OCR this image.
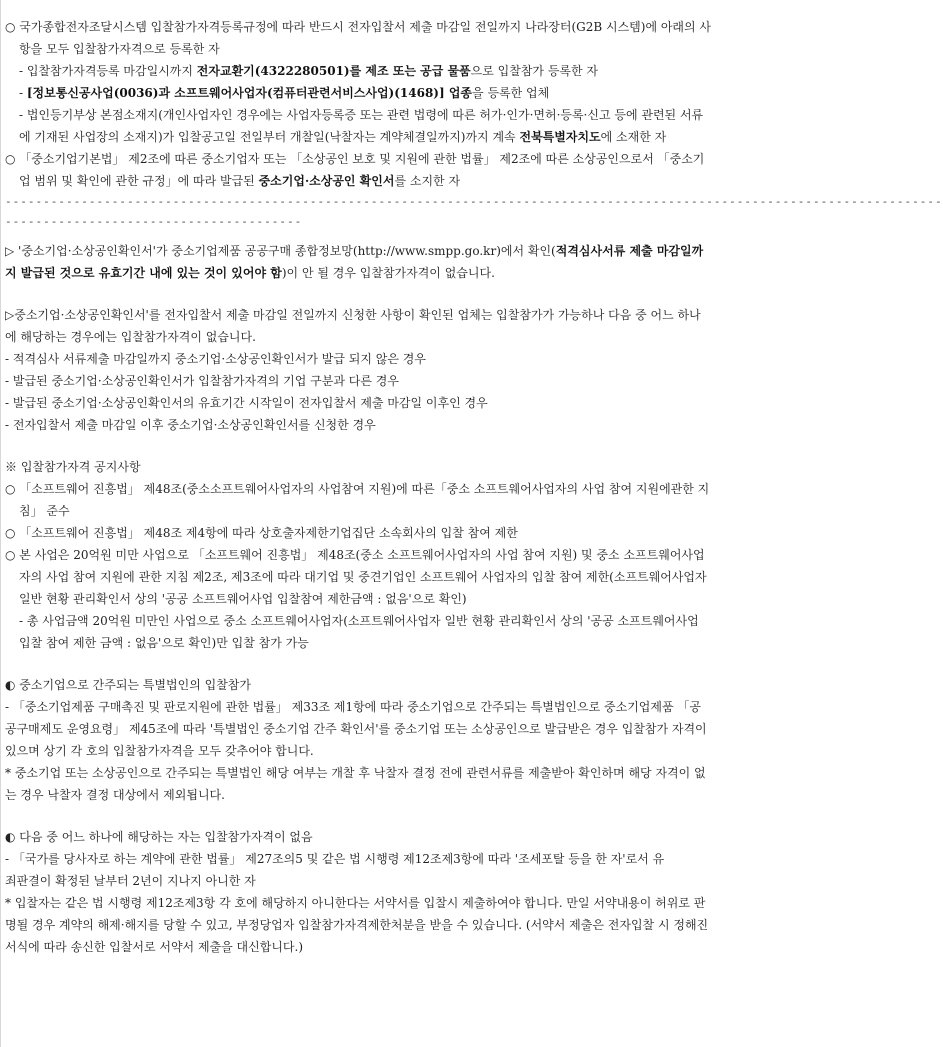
○ 국가종합전자조달시스템 입찰참가자격등록규정에 따라 반드시 전자입찰서 제출 마감일 전일까지 나라장터(G2B 시스템)에 아래의 사항을 모두 입찰참가자격으로 등록한 자

- 입찰참가자격등록 마감일시까지 전자교환기(4322280501)를 제조 또는 공급 물품으로 입찰참가 등록한 자

- [정보통신공사업(0036)과 소프트웨어사업자(컴퓨터관련서비스사업)(1468)] 업종을 등록한 업체

- 법인등기부상 본점소재지(개인사업자인 경우에는 사업자등록증 또는 관련 법령에 따른 허가·인가·면허·등록·신고 등에 관련된 서류에 기재된 사업장의 소재지)가 입찰공고일 전일부터 개찰일(낙찰자는 계약체결일까지)까지 계속 전북특별자치도에 소재한 자

○ 「중소기업기본법」 제2조에 따른 중소기업자 또는 「소상공인 보호 및 지원에 관한 법률」 제2조에 따른 소상공인으로서 「중소기업 범위 및 확인에 관한 규정」에 따라 발급된 중소기업·소상공인 확인서를 소지한 자

---------------------------------------------------------------------------------------------------------------------------
---------------------------------------

▷ '중소기업·소상공인확인서'가 중소기업제품 공공구매 종합정보망(http://www.smpp.go.kr)에서 확인(적격심사서류 제출 마감일까지 발급된 것으로 유효기간 내에 있는 것이 있어야 함)이 안 될 경우 입찰참가자격이 없습니다.

▷중소기업·소상공인확인서'를 전자입찰서 제출 마감일 전일까지 신청한 사항이 확인된 업체는 입찰참가가 가능하나 다음 중 어느 하나에 해당하는 경우에는 입찰참가자격이 없습니다.

- 적격심사 서류제출 마감일까지 중소기업·소상공인확인서가 발급 되지 않은 경우

- 발급된 중소기업·소상공인확인서가 입찰참가자격의 기업 구분과 다른 경우

- 발급된 중소기업·소상공인확인서의 유효기간 시작일이 전자입찰서 제출 마감일 이후인 경우

- 전자입찰서 제출 마감일 이후 중소기업·소상공인확인서를 신청한 경우

※ 입찰참가자격 공지사항

○ 「소프트웨어 진흥법」 제48조(중소소프트웨어사업자의 사업참여 지원)에 따른「중소 소프트웨어사업자의 사업 참여 지원에관한 지침」 준수

○ 「소프트웨어 진흥법」 제48조 제4항에 따라 상호출자제한기업집단 소속회사의 입찰 참여 제한

○ 본 사업은 20억원 미만 사업으로 「소프트웨어 진흥법」 제48조(중소 소프트웨어사업자의 사업 참여 지원) 및 중소 소프트웨어사업자의 사업 참여 지원에 관한 지침 제2조, 제3조에 따라 대기업 및 중견기업인 소프트웨어 사업자의 입찰 참여 제한(소프트웨어사업자 일반 현황 관리확인서 상의 '공공 소프트웨어사업 입찰참여 제한금액 : 없음'으로 확인)

- 총 사업금액 20억원 미만인 사업으로 중소 소프트웨어사업자(소프트웨어사업자 일반 현황 관리확인서 상의 '공공 소프트웨어사업 입찰 참여 제한 금액 : 없음'으로 확인)만 입찰 참가 가능

◐ 중소기업으로 간주되는 특별법인의 입찰참가

- 「중소기업제품 구매촉진 및 판로지원에 관한 법률」 제33조 제1항에 따라 중소기업으로 간주되는 특별법인으로 중소기업제품 「공공구매제도 운영요령」 제45조에 따라 '특별법인 중소기업 간주 확인서'를 중소기업 또는 소상공인으로 발급받은 경우 입찰참가 자격이 있으며 상기 각 호의 입찰참가자격을 모두 갖추어야 합니다.

* 중소기업 또는 소상공인으로 간주되는 특별법인 해당 여부는 개찰 후 낙찰자 결정 전에 관련서류를 제출받아 확인하며 해당 자격이 없는 경우 낙찰자 결정 대상에서 제외됩니다.

◐ 다음 중 어느 하나에 해당하는 자는 입찰참가자격이 없음

- 「국가를 당사자로 하는 계약에 관한 법률」 제27조의5 및 같은 법 시행령 제12조제3항에 따라 '조세포탈 등을 한 자'로서 유

죄판결이 확정된 날부터 2년이 지나지 아니한 자

* 입찰자는 같은 법 시행령 제12조제3항 각 호에 해당하지 아니한다는 서약서를 입찰시 제출하여야 합니다. 만일 서약내용이 허위로 판명될 경우 계약의 해제·해지를 당할 수 있고, 부정당업자 입찰참가자격제한처분을 받을 수 있습니다. (서약서 제출은 전자입찰 시 정해진 서식에 따라 송신한 입찰서로 서약서 제출을 대신합니다.)
